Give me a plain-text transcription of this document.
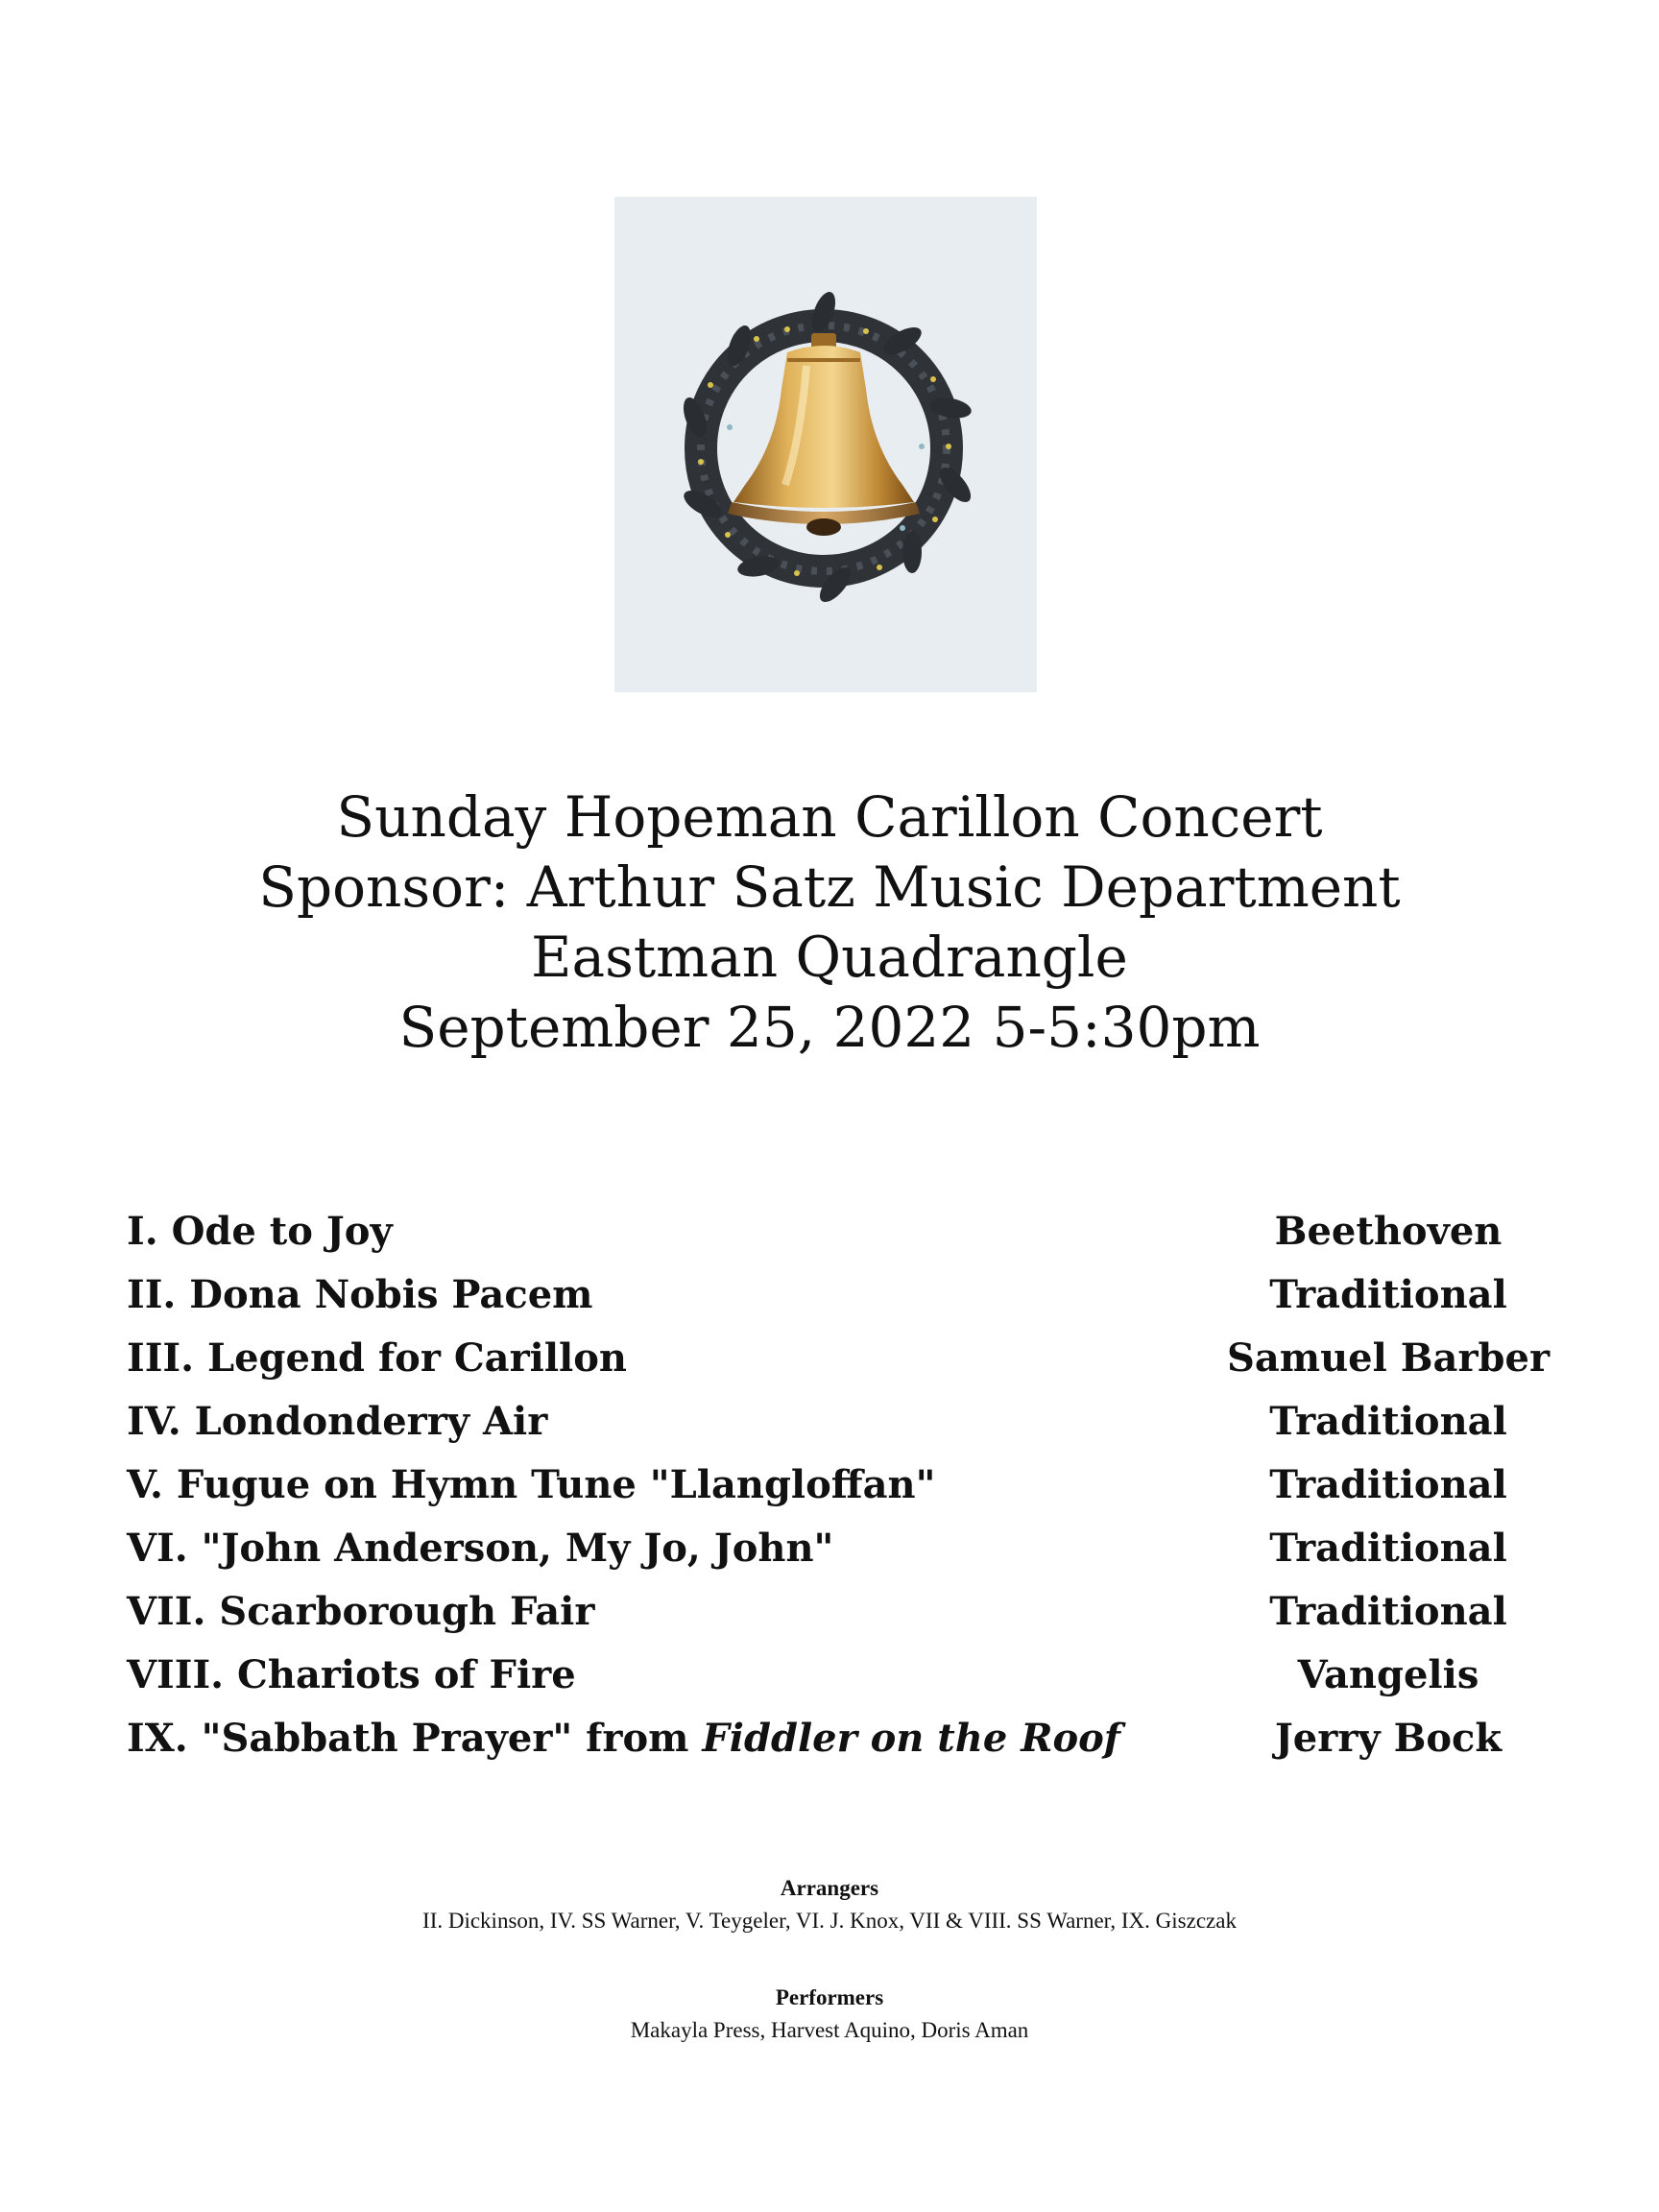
Sunday Hopeman Carillon Concert
Sponsor: Arthur Satz Music Department
Eastman Quadrangle
September 25, 2022 5-5:30pm
I. Ode to Joy	Beethoven
II. Dona Nobis Pacem	Traditional
III. Legend for Carillon	Samuel Barber
IV. Londonderry Air	Traditional
V. Fugue on Hymn Tune "Llangloffan"	Traditional
VI. "John Anderson, My Jo, John"	Traditional
VII. Scarborough Fair	Traditional
VIII. Chariots of Fire	Vangelis
IX. "Sabbath Prayer" from Fiddler on the Roof	Jerry Bock
Arrangers
II. Dickinson, IV. SS Warner, V. Teygeler, VI. J. Knox, VII & VIII. SS Warner, IX. Giszczak
Performers
Makayla Press, Harvest Aquino, Doris Aman
